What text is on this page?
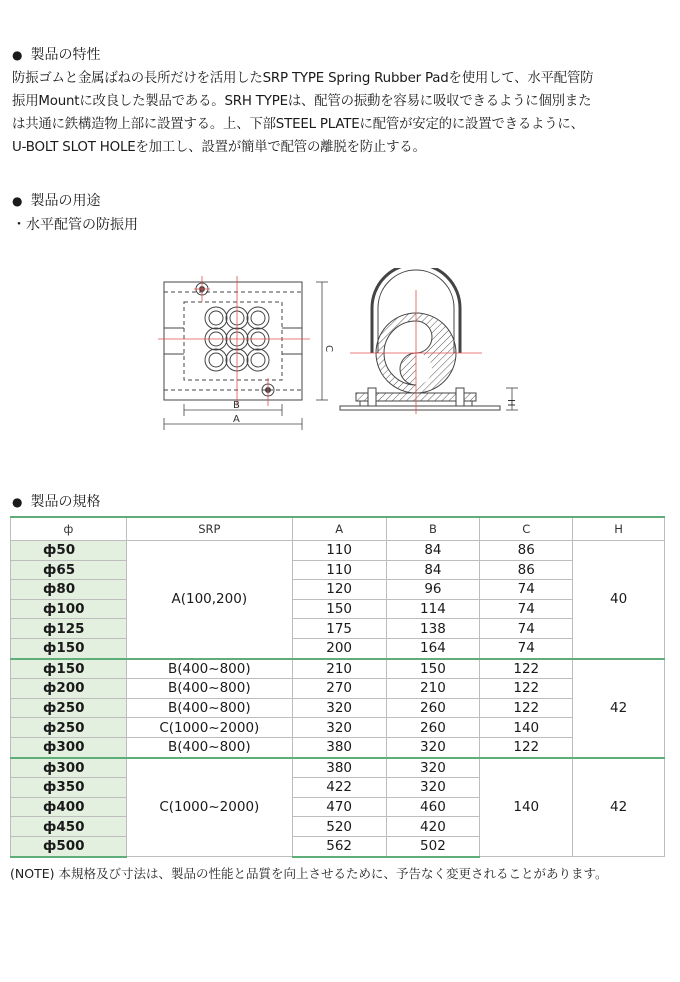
● 製品の特性
防振ゴムと金属ばねの長所だけを活用したSRP TYPE Spring Rubber Padを使用して、水平配管防
振用Mountに改良した製品である。SRH TYPEは、配管の振動を容易に吸収できるように個別また
は共通に鉄構造物上部に設置する。上、下部STEEL PLATEに配管が安定的に設置できるように、
U-BOLT SLOT HOLEを加工し、設置が簡単で配管の離脱を防止する。
● 製品の用途
・水平配管の防振用
B
A
C
H
● 製品の規格
ф	SRP	A	B	C	H
ф50	A(100,200)	110	84	86	40
ф65		110	84	86	
ф80		120	96	74	
ф100		150	114	74	
ф125		175	138	74	
ф150		200	164	74	
ф150	B(400~800)	210	150	122	42
ф200	B(400~800)	270	210	122	
ф250	B(400~800)	320	260	122	
ф250	C(1000~2000)	320	260	140	
ф300	B(400~800)	380	320	122	
ф300	C(1000~2000)	380	320	140	42
ф350		422	320		
ф400		470	460		
ф450		520	420		
ф500		562	502		
(NOTE) 本規格及び寸法は、製品の性能と品質を向上させるために、予告なく変更されることがあります。
